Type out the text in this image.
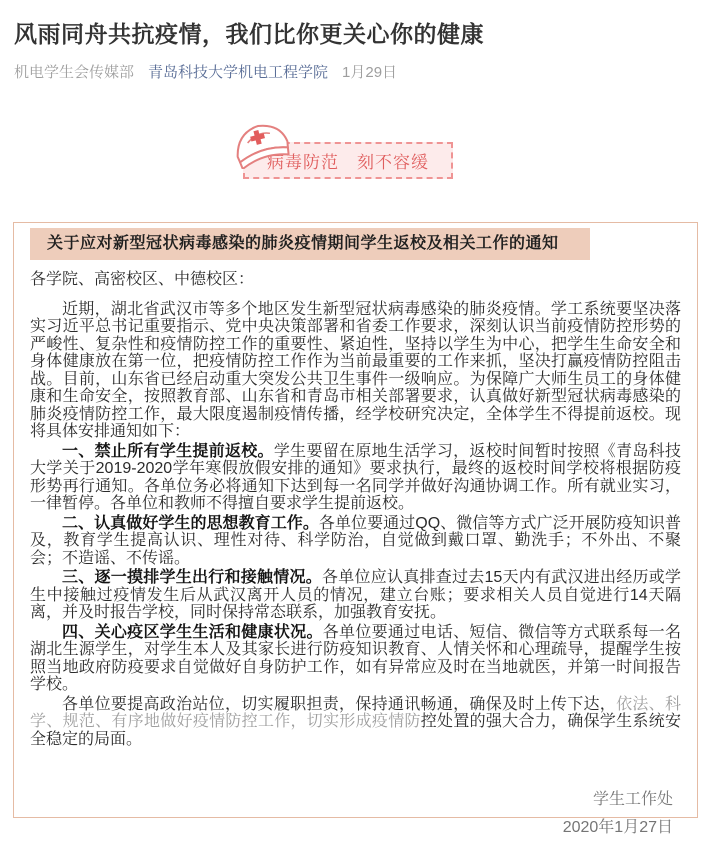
风雨同舟共抗疫情，我们比你更关心你的健康
机电学生会传媒部 青岛科技大学机电工程学院 1月29日
病毒防范　刻不容缓
关于应对新型冠状病毒感染的肺炎疫情期间学生返校及相关工作的通知

各学院、高密校区、中德校区：

近期，湖北省武汉市等多个地区发生新型冠状病毒感染的肺炎疫情。学工系统要坚决落实习近平总书记重要指示、党中央决策部署和省委工作要求，深刻认识当前疫情防控形势的严峻性、复杂性和疫情防控工作的重要性、紧迫性，坚持以学生为中心，把学生生命安全和身体健康放在第一位，把疫情防控工作作为当前最重要的工作来抓，坚决打赢疫情防控阻击战。目前，山东省已经启动重大突发公共卫生事件一级响应。为保障广大师生员工的身体健康和生命安全，按照教育部、山东省和青岛市相关部署要求，认真做好新型冠状病毒感染的肺炎疫情防控工作，最大限度遏制疫情传播，经学校研究决定，全体学生不得提前返校。现将具体安排通知如下：

一、禁止所有学生提前返校。学生要留在原地生活学习，返校时间暂时按照《青岛科技大学关于2019-2020学年寒假放假安排的通知》要求执行，最终的返校时间学校将根据防疫形势再行通知。各单位务必将通知下达到每一名同学并做好沟通协调工作。所有就业实习，一律暂停。各单位和教师不得擅自要求学生提前返校。

二、认真做好学生的思想教育工作。各单位要通过QQ、微信等方式广泛开展防疫知识普及，教育学生提高认识、理性对待、科学防治，自觉做到戴口罩、勤洗手；不外出、不聚会；不造谣、不传谣。

三、逐一摸排学生出行和接触情况。各单位应认真排查过去15天内有武汉进出经历或学生中接触过疫情发生后从武汉离开人员的情况，建立台账；要求相关人员自觉进行14天隔离，并及时报告学校，同时保持常态联系，加强教育安抚。

四、关心疫区学生生活和健康状况。各单位要通过电话、短信、微信等方式联系每一名湖北生源学生，对学生本人及其家长进行防疫知识教育、人情关怀和心理疏导，提醒学生按照当地政府防疫要求自觉做好自身防护工作，如有异常应及时在当地就医，并第一时间报告学校。

各单位要提高政治站位，切实履职担责，保持通讯畅通，确保及时上传下达，依法、科学、规范、有序地做好疫情防控工作，切实形成疫情防控处置的强大合力，确保学生系统安全稳定的局面。

学生工作处
2020年1月27日
